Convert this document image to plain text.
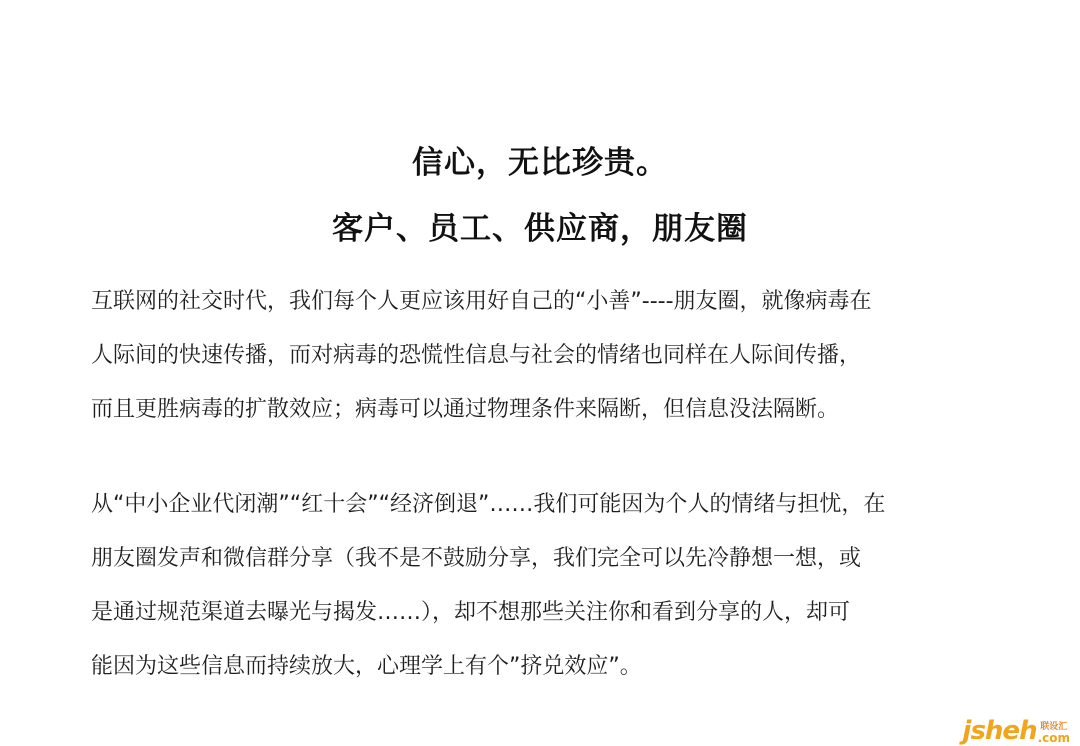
信心，无比珍贵。
客户、员工、供应商，朋友圈
互联网的社交时代，我们每个人更应该用好自己的“小善”----朋友圈，就像病毒在
人际间的快速传播，而对病毒的恐慌性信息与社会的情绪也同样在人际间传播，
而且更胜病毒的扩散效应；病毒可以通过物理条件来隔断，但信息没法隔断。
从“中小企业代闭潮”“红十会”“经济倒退”……我们可能因为个人的情绪与担忧，在
朋友圈发声和微信群分享（我不是不鼓励分享，我们完全可以先冷静想一想，或
是通过规范渠道去曝光与揭发……），却不想那些关注你和看到分享的人，却可
能因为这些信息而持续放大，心理学上有个”挤兑效应”。
jsheh 联设汇
.com
